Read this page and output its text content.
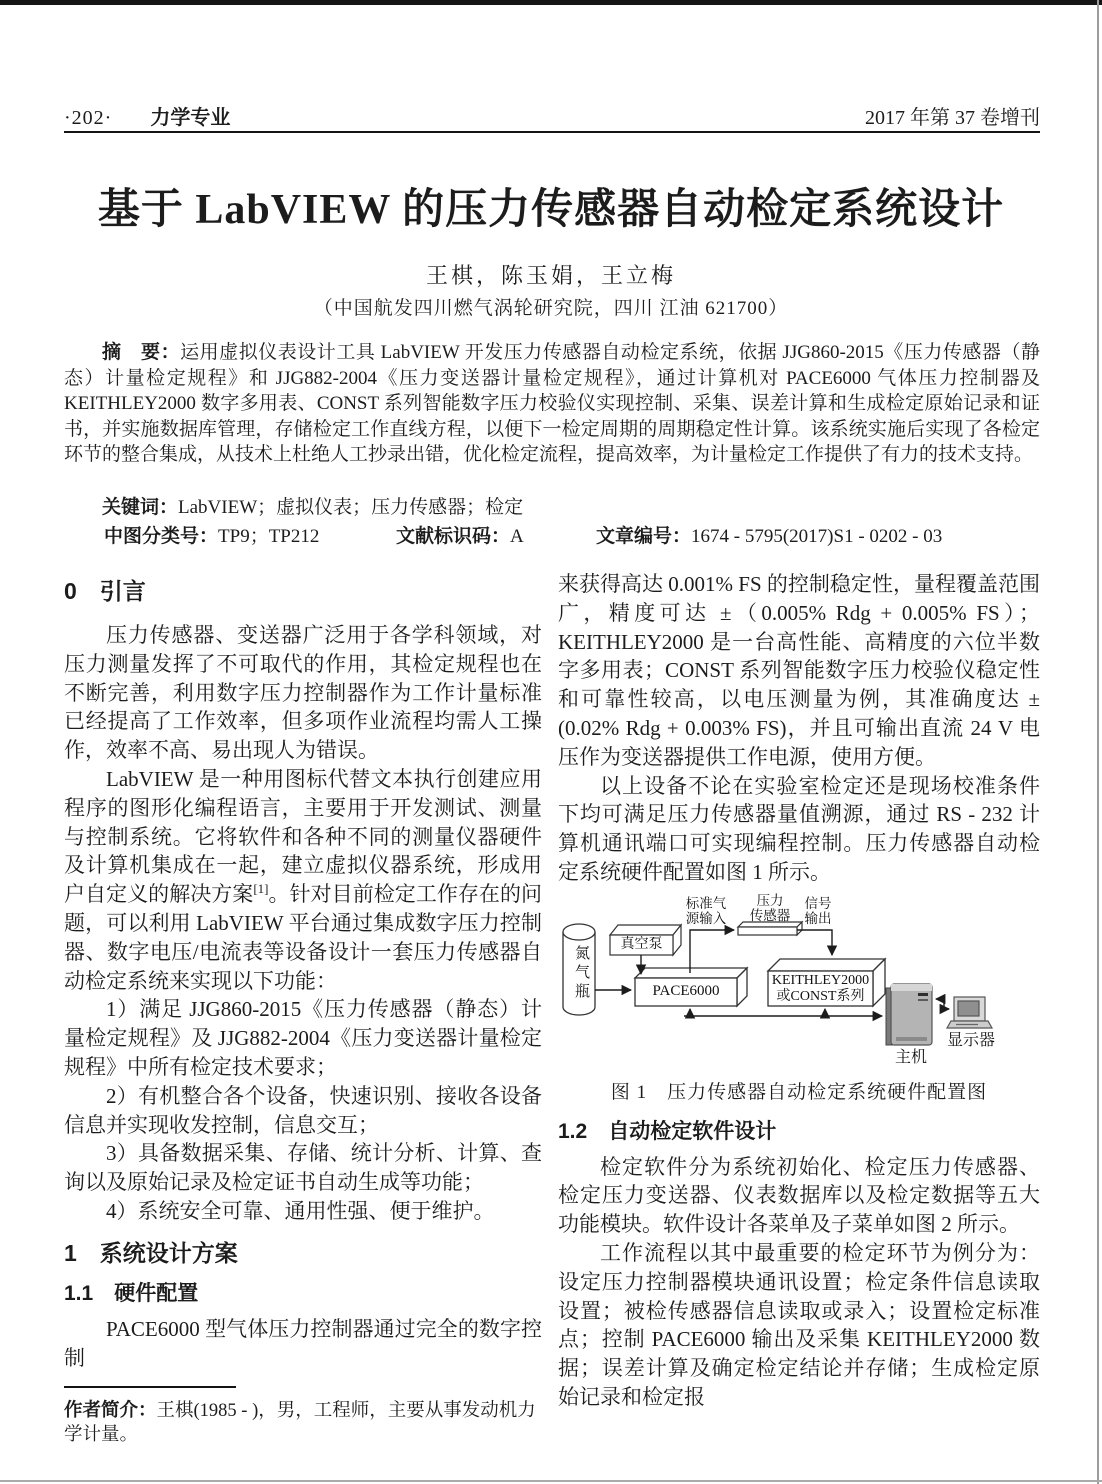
·202· 力学专业	2017 年第 37 卷增刊
基于 LabVIEW 的压力传感器自动检定系统设计
王棋，陈玉娟，王立梅
（中国航发四川燃气涡轮研究院，四川 江油 621700）
摘　要：运用虚拟仪表设计工具 LabVIEW 开发压力传感器自动检定系统，依据 JJG860-2015《压力传感器（静态）计量检定规程》和 JJG882-2004《压力变送器计量检定规程》，通过计算机对 PACE6000 气体压力控制器及 KEITHLEY2000 数字多用表、CONST 系列智能数字压力校验仪实现控制、采集、误差计算和生成检定原始记录和证书，并实施数据库管理，存储检定工作直线方程，以便下一检定周期的周期稳定性计算。该系统实施后实现了各检定环节的整合集成，从技术上杜绝人工抄录出错，优化检定流程，提高效率，为计量检定工作提供了有力的技术支持。
关键词：LabVIEW；虚拟仪表；压力传感器；检定
中图分类号：TP9；TP212	文献标识码：A	文章编号：1674 - 5795(2017)S1 - 0202 - 03
0　引言

压力传感器、变送器广泛用于各学科领域，对压力测量发挥了不可取代的作用，其检定规程也在不断完善，利用数字压力控制器作为工作计量标准已经提高了工作效率，但多项作业流程均需人工操作，效率不高、易出现人为错误。

LabVIEW 是一种用图标代替文本执行创建应用程序的图形化编程语言，主要用于开发测试、测量与控制系统。它将软件和各种不同的测量仪器硬件及计算机集成在一起，建立虚拟仪器系统，形成用户自定义的解决方案[1]。针对目前检定工作存在的问题，可以利用 LabVIEW 平台通过集成数字压力控制器、数字电压/电流表等设备设计一套压力传感器自动检定系统来实现以下功能：

1）满足 JJG860-2015《压力传感器（静态）计量检定规程》及 JJG882-2004《压力变送器计量检定规程》中所有检定技术要求；

2）有机整合各个设备，快速识别、接收各设备信息并实现收发控制，信息交互；

3）具备数据采集、存储、统计分析、计算、查询以及原始记录及检定证书自动生成等功能；

4）系统安全可靠、通用性强、便于维护。

1　系统设计方案
1.1　硬件配置

PACE6000 型气体压力控制器通过完全的数字控制

作者简介：王棋(1985 - )，男，工程师，主要从事发动机力学计量。

来获得高达 0.001% FS 的控制稳定性，量程覆盖范围广，精度可达 ±（0.005% Rdg + 0.005% FS）；KEITHLEY2000 是一台高性能、高精度的六位半数字多用表；CONST 系列智能数字压力校验仪稳定性和可靠性较高，以电压测量为例，其准确度达 ±(0.02% Rdg + 0.003% FS)，并且可输出直流 24 V 电压作为变送器提供工作电源，使用方便。

以上设备不论在实验室检定还是现场校准条件下均可满足压力传感器量值溯源，通过 RS - 232 计算机通讯端口可实现编程控制。压力传感器自动检定系统硬件配置如图 1 所示。

氮气瓶
真空泵
PACE6000
KEITHLEY2000
或CONST系列
标准气
源输入
压力
传感器
信号
输出
主机
显示器

图 1　压力传感器自动检定系统硬件配置图

1.2　自动检定软件设计

检定软件分为系统初始化、检定压力传感器、检定压力变送器、仪表数据库以及检定数据等五大功能模块。软件设计各菜单及子菜单如图 2 所示。

工作流程以其中最重要的检定环节为例分为：设定压力控制器模块通讯设置；检定条件信息读取设置；被检传感器信息读取或录入；设置检定标准点；控制 PACE6000 输出及采集 KEITHLEY2000 数据；误差计算及确定检定结论并存储；生成检定原始记录和检定报
